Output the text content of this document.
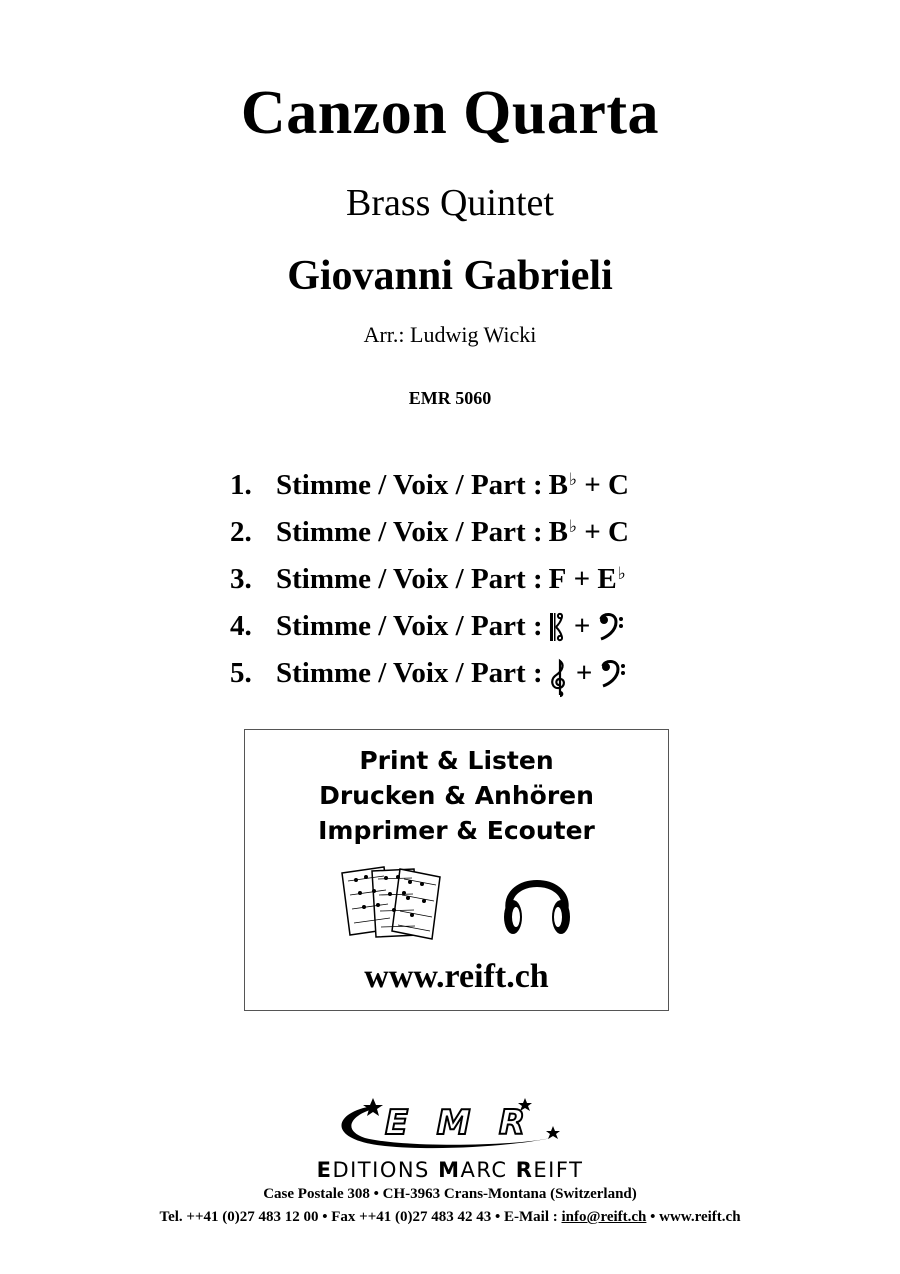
Canzon Quarta
Brass Quintet
Giovanni Gabrieli
Arr.: Ludwig Wicki
EMR 5060
1. Stimme / Voix / Part : B ♭
+
C
2. Stimme / Voix / Part : B ♭
+
C
3. Stimme / Voix / Part : F
+
E ♭
4. Stimme / Voix / Part :
+

5. Stimme / Voix / Part :
+

Print & Listen
Drucken & Anhören
Imprimer & Ecouter
www.reift.ch
EMR
EDITIONS MARC REIFT
Case Postale 308 • CH-3963 Crans-Montana (Switzerland)
Tel. ++41 (0)27 483 12 00 • Fax ++41 (0)27 483 42 43 • E-Mail : info@reift.ch • www.reift.ch
